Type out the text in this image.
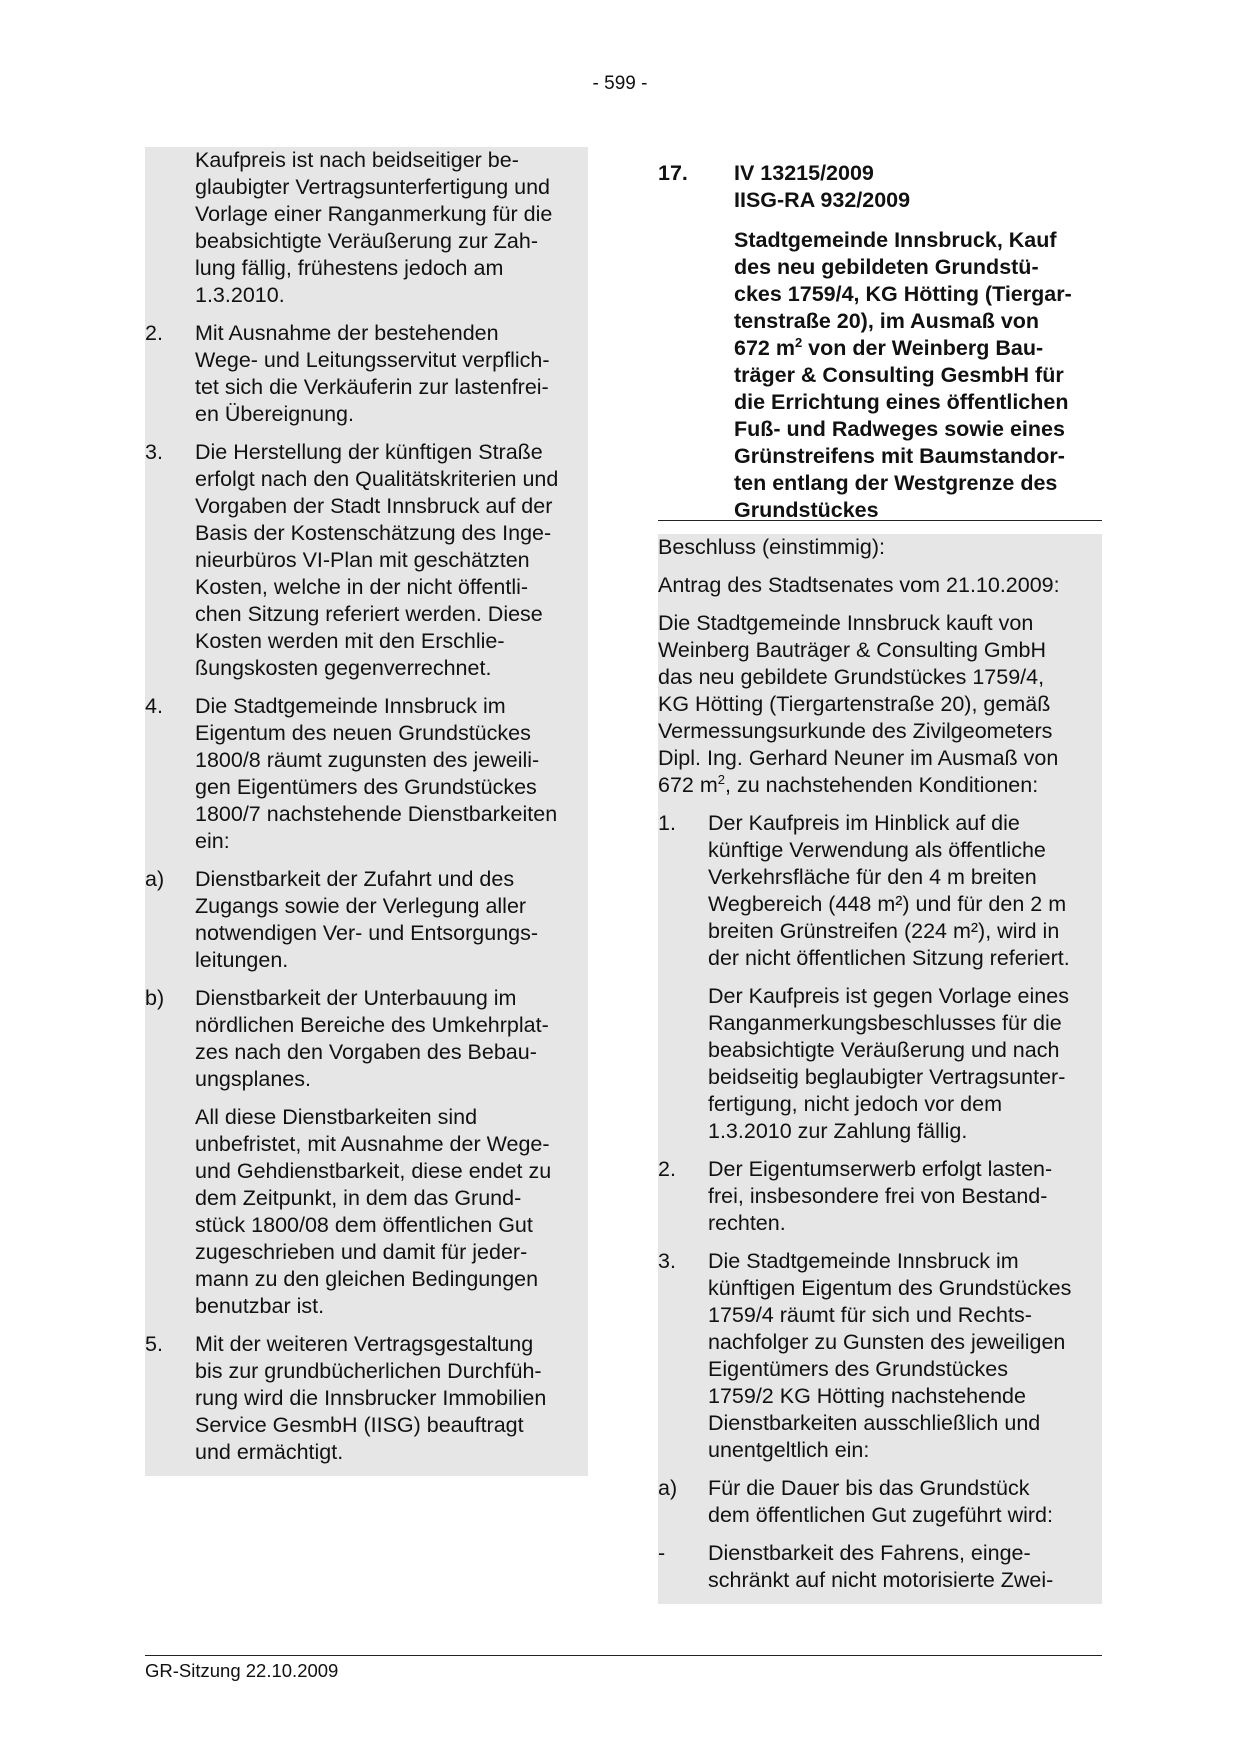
- 599 -
Kaufpreis ist nach beidseitiger be-
glaubigter Vertragsunterfertigung und
Vorlage einer Ranganmerkung für die
beabsichtigte Veräußerung zur Zah-
lung fällig, frühestens jedoch am
1.3.2010.
2.	Mit Ausnahme der bestehenden
Wege- und Leitungsservitut verpflich-
tet sich die Verkäuferin zur lastenfrei-
en Übereignung.
3.	Die Herstellung der künftigen Straße
erfolgt nach den Qualitätskriterien und
Vorgaben der Stadt Innsbruck auf der
Basis der Kostenschätzung des Inge-
nieurbüros VI-Plan mit geschätzten
Kosten, welche in der nicht öffentli-
chen Sitzung referiert werden. Diese
Kosten werden mit den Erschlie-
ßungskosten gegenverrechnet.
4.	Die Stadtgemeinde Innsbruck im
Eigentum des neuen Grundstückes
1800/8 räumt zugunsten des jeweili-
gen Eigentümers des Grundstückes
1800/7 nachstehende Dienstbarkeiten
ein:
a)	Dienstbarkeit der Zufahrt und des
Zugangs sowie der Verlegung aller
notwendigen Ver- und Entsorgungs-
leitungen.
b)	Dienstbarkeit der Unterbauung im
nördlichen Bereiche des Umkehrplat-
zes nach den Vorgaben des Bebau-
ungsplanes.
All diese Dienstbarkeiten sind
unbefristet, mit Ausnahme der Wege-
und Gehdienstbarkeit, diese endet zu
dem Zeitpunkt, in dem das Grund-
stück 1800/08 dem öffentlichen Gut
zugeschrieben und damit für jeder-
mann zu den gleichen Bedingungen
benutzbar ist.
5.	Mit der weiteren Vertragsgestaltung
bis zur grundbücherlichen Durchfüh-
rung wird die Innsbrucker Immobilien
Service GesmbH (IISG) beauftragt
und ermächtigt.
17.	IV 13215/2009
IISG-RA 932/2009
Stadtgemeinde Innsbruck, Kauf
des neu gebildeten Grundstü-
ckes 1759/4, KG Hötting (Tiergar-
tenstraße 20), im Ausmaß von
672 $m^2$ von der Weinberg Bau-
träger & Consulting GesmbH für
die Errichtung eines öffentlichen
Fuß- und Radweges sowie eines
Grünstreifens mit Baumstandor-
ten entlang der Westgrenze des
Grundstückes
Beschluss (einstimmig):
Antrag des Stadtsenates vom 21.10.2009:
Die Stadtgemeinde Innsbruck kauft von
Weinberg Bauträger & Consulting GmbH
das neu gebildete Grundstückes 1759/4,
KG Hötting (Tiergartenstraße 20), gemäß
Vermessungsurkunde des Zivilgeometers
Dipl. Ing. Gerhard Neuner im Ausmaß von
672 $m^2$, zu nachstehenden Konditionen:
1.	Der Kaufpreis im Hinblick auf die
künftige Verwendung als öffentliche
Verkehrsfläche für den 4 m breiten
Wegbereich (448 m²) und für den 2 m
breiten Grünstreifen (224 m²), wird in
der nicht öffentlichen Sitzung referiert.
Der Kaufpreis ist gegen Vorlage eines
Ranganmerkungsbeschlusses für die
beabsichtigte Veräußerung und nach
beidseitig beglaubigter Vertragsunter-
fertigung, nicht jedoch vor dem
1.3.2010 zur Zahlung fällig.
2.	Der Eigentumserwerb erfolgt lasten-
frei, insbesondere frei von Bestand-
rechten.
3.	Die Stadtgemeinde Innsbruck im
künftigen Eigentum des Grundstückes
1759/4 räumt für sich und Rechts-
nachfolger zu Gunsten des jeweiligen
Eigentümers des Grundstückes
1759/2 KG Hötting nachstehende
Dienstbarkeiten ausschließlich und
unentgeltlich ein:
a)	Für die Dauer bis das Grundstück
dem öffentlichen Gut zugeführt wird:
-	Dienstbarkeit des Fahrens, einge-
schränkt auf nicht motorisierte Zwei-
GR-Sitzung 22.10.2009
